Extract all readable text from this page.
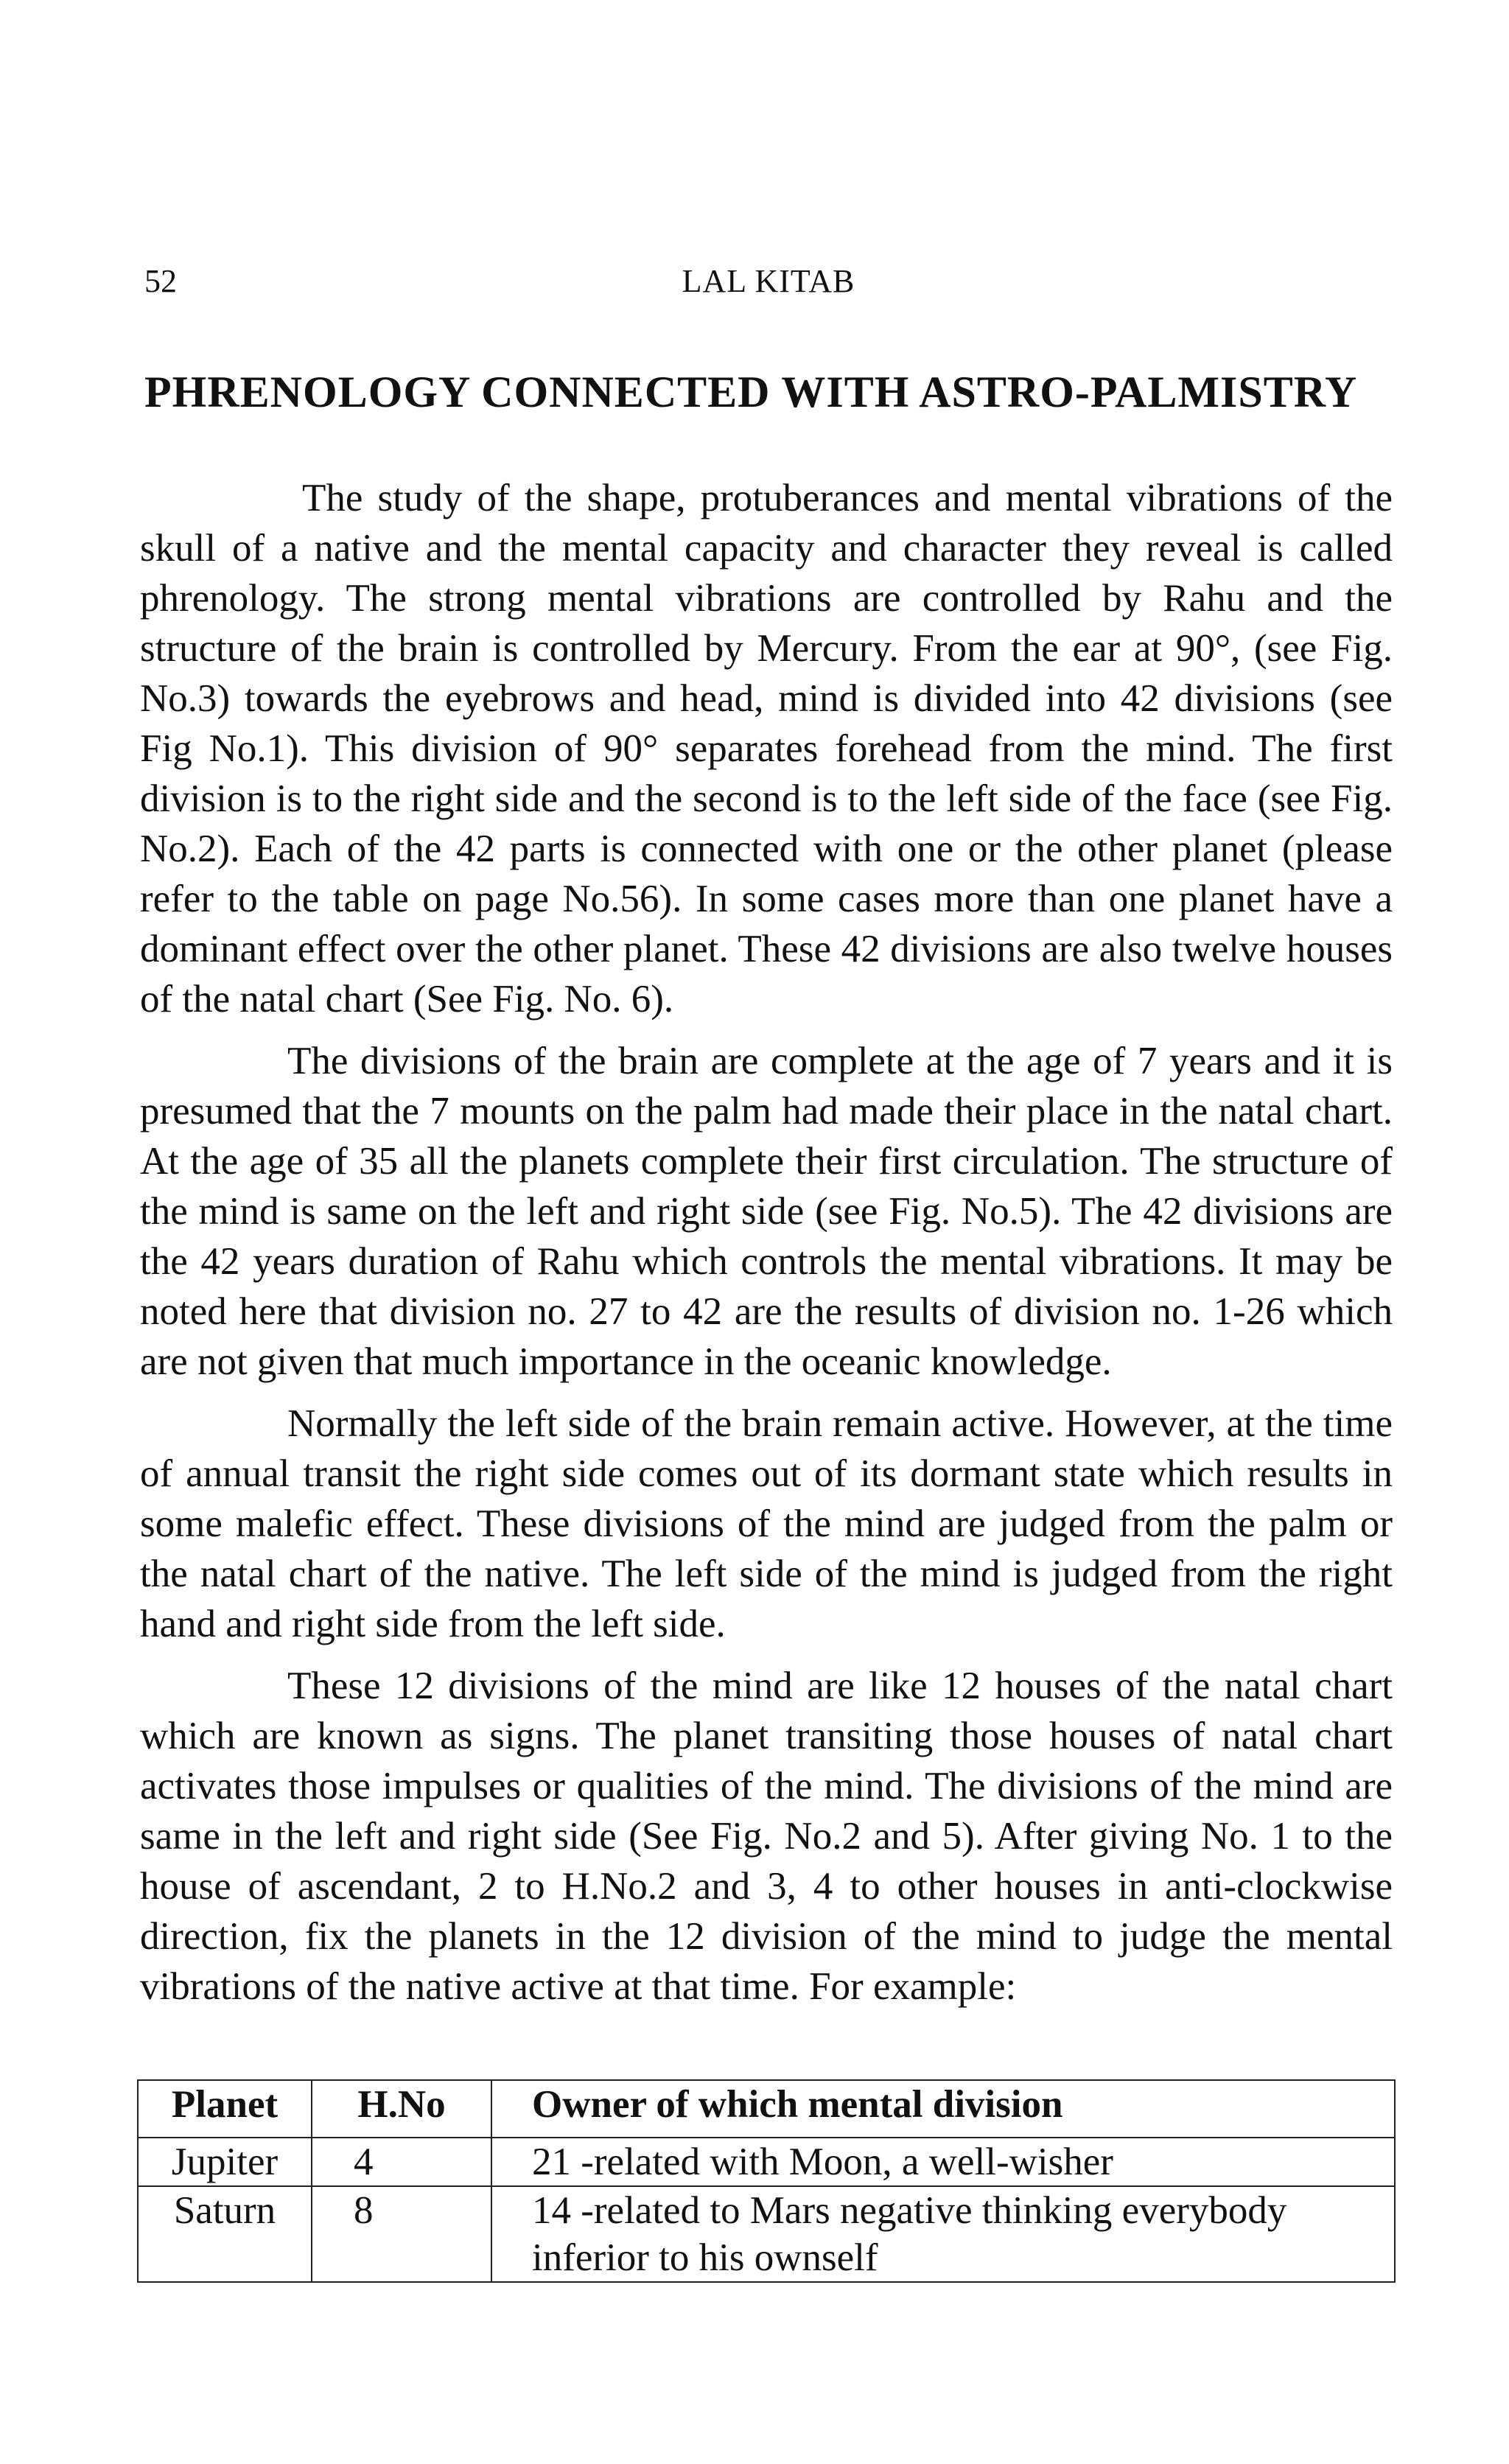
52	LAL KITAB
PHRENOLOGY CONNECTED WITH ASTRO-PALMISTRY

The study of the shape, protuberances and mental vibrations of the skull of a native and the mental capacity and character they reveal is called phrenology. The strong mental vibrations are controlled by Rahu and the structure of the brain is controlled by Mercury. From the ear at 90°, (see Fig. No.3) towards the eyebrows and head, mind is divided into 42 divisions (see Fig No.1). This division of 90° separates forehead from the mind. The first division is to the right side and the second is to the left side of the face (see Fig. No.2). Each of the 42 parts is connected with one or the other planet (please refer to the table on page No.56). In some cases more than one planet have a dominant effect over the other planet. These 42 divisions are also twelve houses of the natal chart (See Fig. No. 6).

The divisions of the brain are complete at the age of 7 years and it is presumed that the 7 mounts on the palm had made their place in the natal chart. At the age of 35 all the planets complete their first circulation. The structure of the mind is same on the left and right side (see Fig. No.5). The 42 divisions are the 42 years duration of Rahu which controls the mental vibrations. It may be noted here that division no. 27 to 42 are the results of division no. 1-26 which are not given that much importance in the oceanic knowledge.

Normally the left side of the brain remain active. However, at the time of annual transit the right side comes out of its dormant state which results in some malefic effect. These divisions of the mind are judged from the palm or the natal chart of the native. The left side of the mind is judged from the right hand and right side from the left side.

These 12 divisions of the mind are like 12 houses of the natal chart which are known as signs. The planet transiting those houses of natal chart activates those impulses or qualities of the mind. The divisions of the mind are same in the left and right side (See Fig. No.2 and 5). After giving No. 1 to the house of ascendant, 2 to H.No.2 and 3, 4 to other houses in anti-clockwise direction, fix the planets in the 12 division of the mind to judge the mental vibrations of the native active at that time. For example:

Planet	H.No	Owner of which mental division
Jupiter	4	21 -related with Moon, a well-wisher
Saturn	8	14 -related to Mars negative thinking everybody inferior to his ownself
